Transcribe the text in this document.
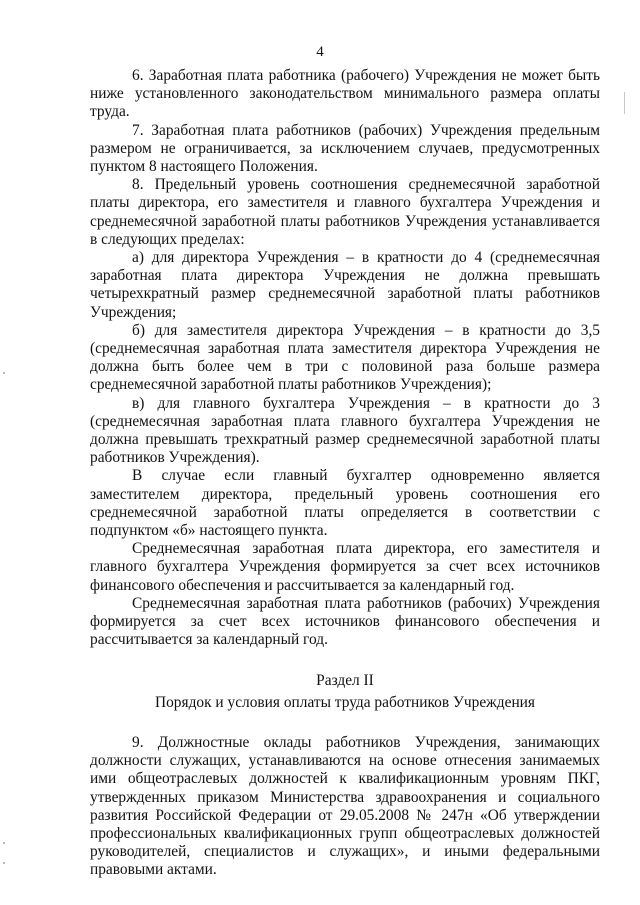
4

6. Заработная плата работника (рабочего) Учреждения не может быть ниже установленного законодательством минимального размера оплаты труда.

7. Заработная плата работников (рабочих) Учреждения предельным размером не ограничивается, за исключением случаев, предусмотренных пунктом 8 настоящего Положения.

8. Предельный уровень соотношения среднемесячной заработной платы директора, его заместителя и главного бухгалтера Учреждения и среднемесячной заработной платы работников Учреждения устанавливается в следующих пределах:

а) для директора Учреждения – в кратности до 4 (среднемесячная заработная плата директора Учреждения не должна превышать четырехкратный размер среднемесячной заработной платы работников Учреждения;

б) для заместителя директора Учреждения – в кратности до 3,5 (среднемесячная заработная плата заместителя директора Учреждения не должна быть более чем в три с половиной раза больше размера среднемесячной заработной платы работников Учреждения);

в) для главного бухгалтера Учреждения – в кратности до 3 (среднемесячная заработная плата главного бухгалтера Учреждения не должна превышать трехкратный размер среднемесячной заработной платы работников Учреждения).

В случае если главный бухгалтер одновременно является заместителем директора, предельный уровень соотношения его среднемесячной заработной платы определяется в соответствии с подпунктом «б» настоящего пункта.

Среднемесячная заработная плата директора, его заместителя и главного бухгалтера Учреждения формируется за счет всех источников финансового обеспечения и рассчитывается за календарный год.

Среднемесячная заработная плата работников (рабочих) Учреждения формируется за счет всех источников финансового обеспечения и рассчитывается за календарный год.

Раздел II

Порядок и условия оплаты труда работников Учреждения

9. Должностные оклады работников Учреждения, занимающих должности служащих, устанавливаются на основе отнесения занимаемых ими общеотраслевых должностей к квалификационным уровням ПКГ, утвержденных приказом Министерства здравоохранения и социального развития Российской Федерации от 29.05.2008 № 247н «Об утверждении профессиональных квалификационных групп общеотраслевых должностей руководителей, специалистов и служащих», и иными федеральными правовыми актами.
